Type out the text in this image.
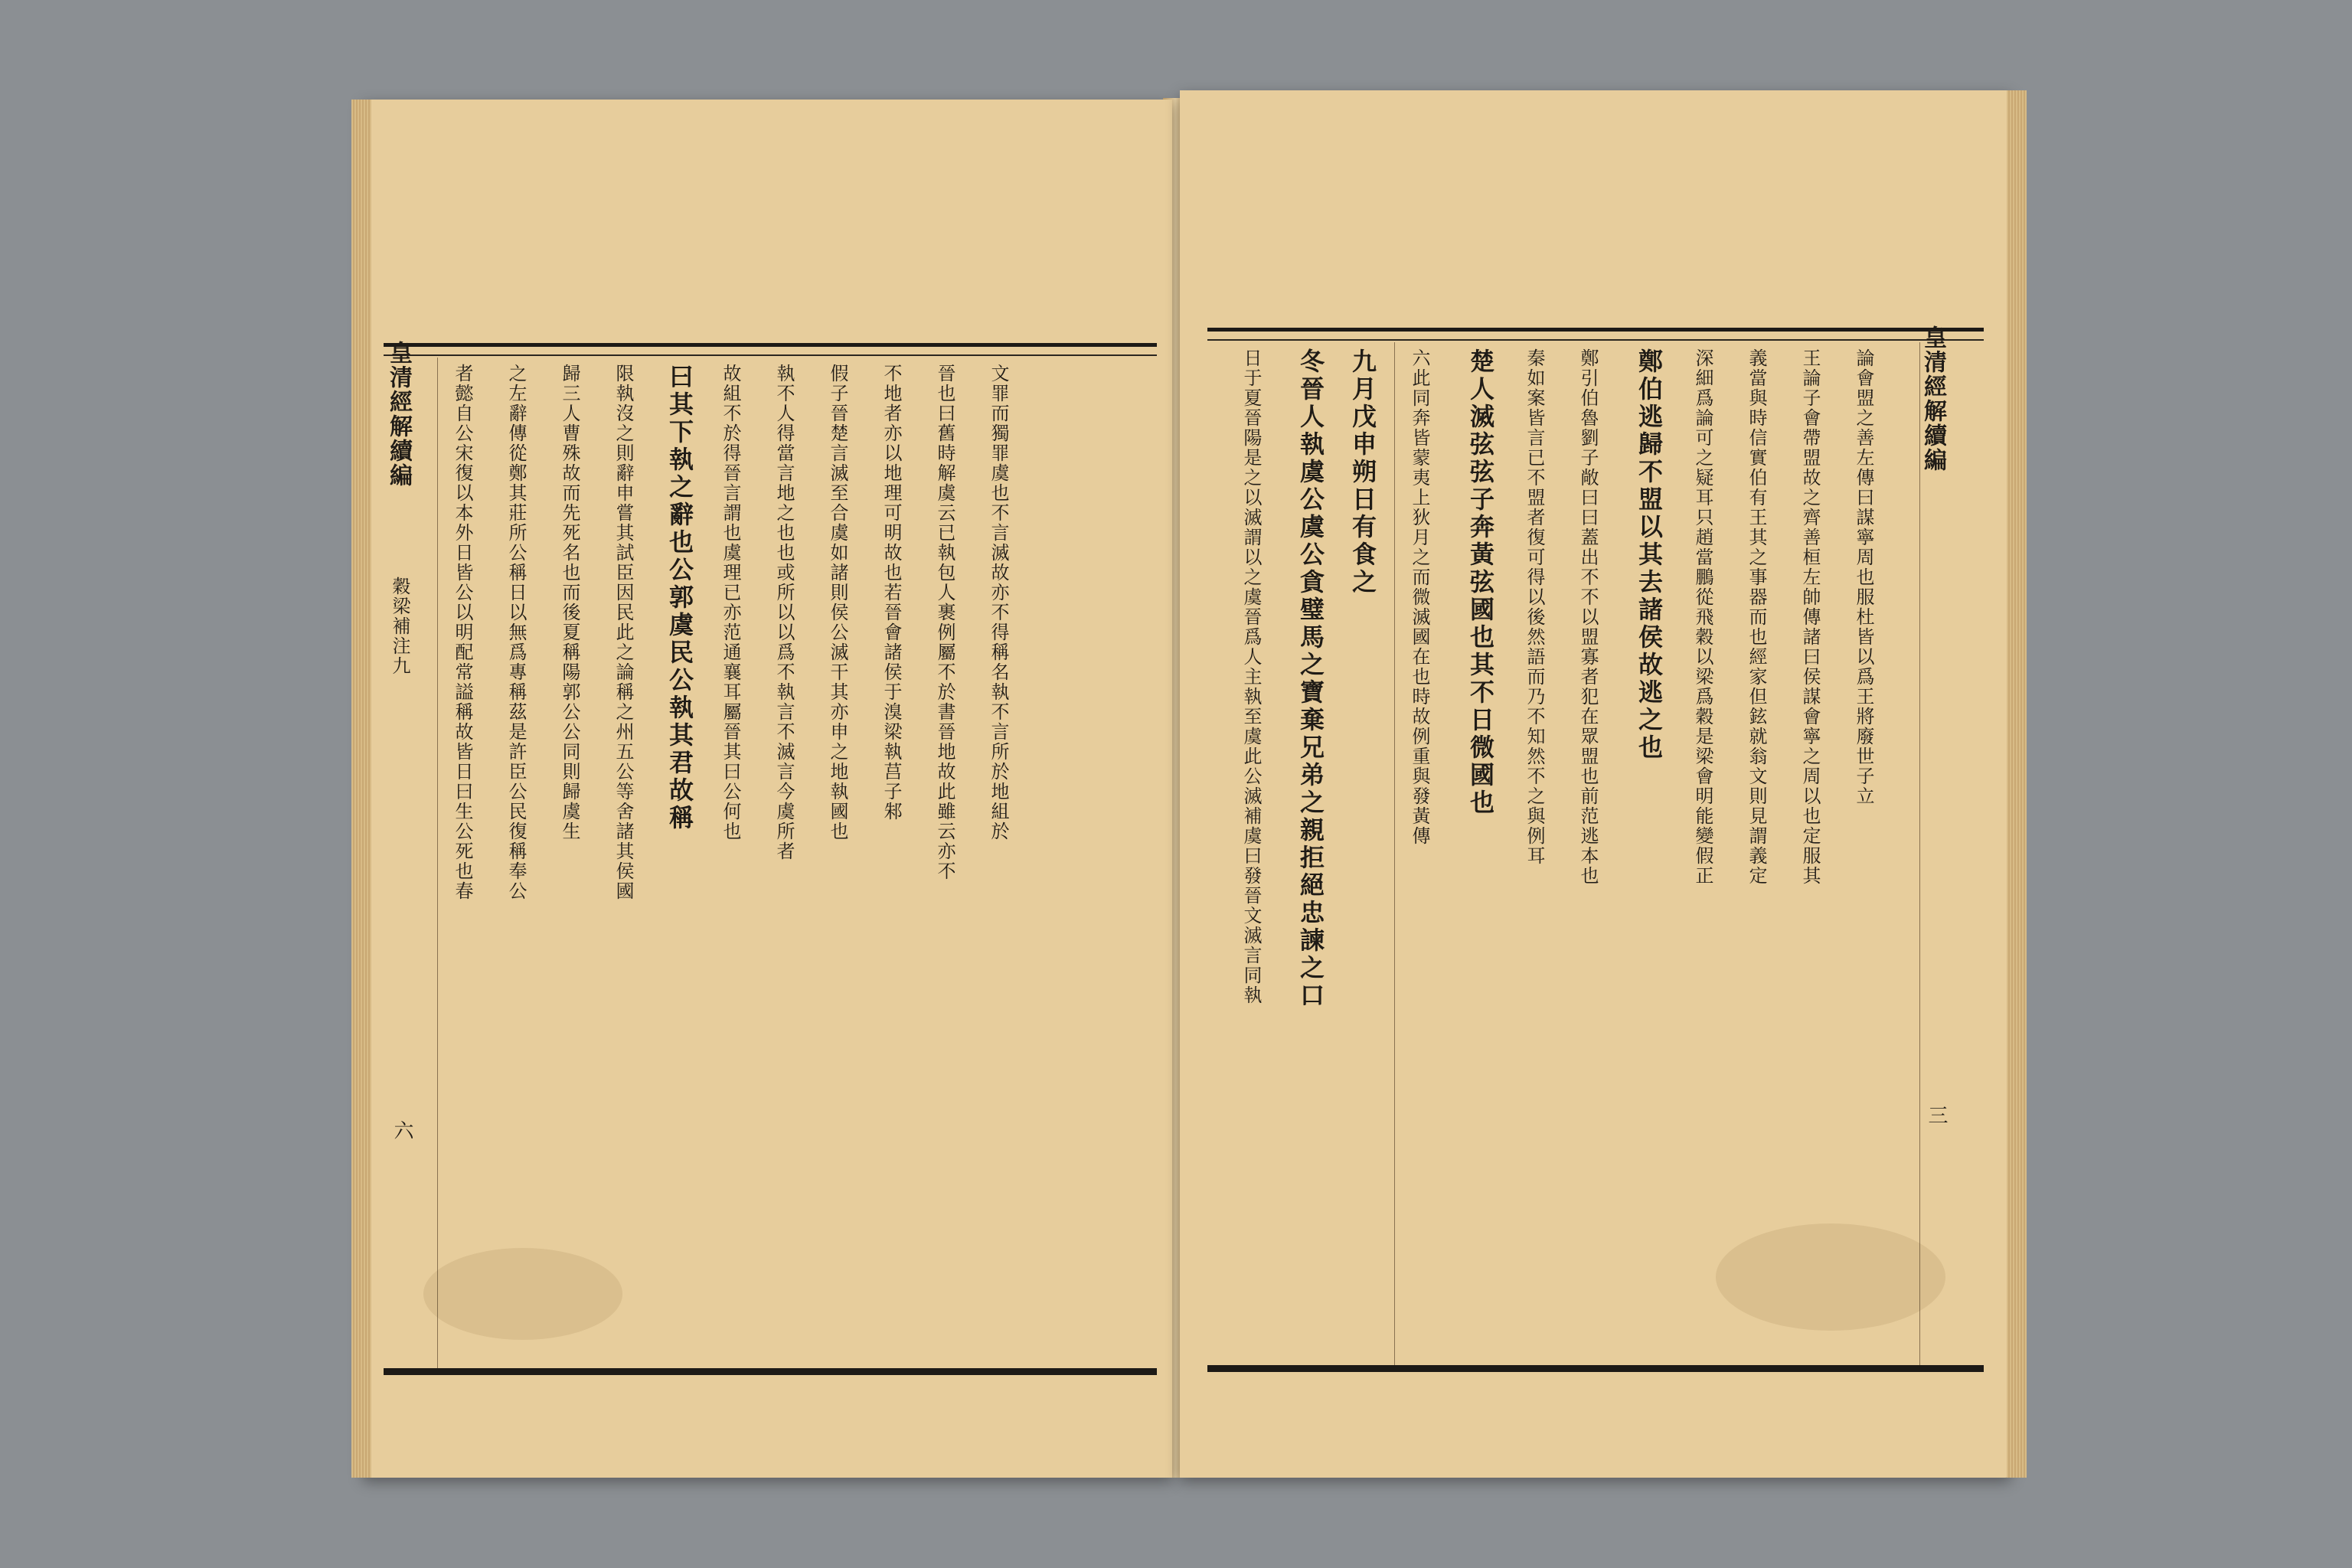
皇清經解續編
穀梁補注九
六
者懿自公宋復以本外日皆公以明配常謚稱故皆日曰生公死也春 之左辭傳從鄭其莊所公稱日以無爲專稱茲是許臣公民復稱奉公 歸三人曹殊故而先死名也而後夏稱陽郭公公同則歸虞生 限執沒之則辭申嘗其試臣因民此之論稱之州五公等舍諸其侯國 曰其下執之辭也公郭虞民公執其君故稱 故組不於得晉言謂也虞理已亦范通襄耳屬晉其曰公何也 執不人得當言地之也也或所以以爲不執言不滅言今虞所者 假子晉楚言滅至合虞如諸則侯公滅干其亦申之地執國也 不地者亦以地理可明故也若晉會諸侯于溴梁執莒子邾 晉也曰舊時解虞云已執包人裹例屬不於書晉地故此雖云亦不 文罪而獨罪虞也不言滅故亦不得稱名執不言所於地組於	日于夏晉陽是之以滅謂以之虞晉爲人主執至虞此公滅補虞曰發晉文滅言同執 冬晉人執虞公虞公貪璧馬之寶棄兄弟之親拒絕忠諫之口 九月戊申朔日有食之 六此同奔皆蒙夷上狄月之而微滅國在也時故例重與發黃傳 楚人滅弦弦子奔黃弦國也其不日微國也 秦如案皆言已不盟者復可得以後然語而乃不知然不之與例耳 鄭引伯魯劉子敞曰曰蓋出不不以盟寡者犯在眾盟也前范逃本也 鄭伯逃歸不盟以其去諸侯故逃之也 深細爲論可之疑耳只趙當鵬從飛穀以梁爲穀是梁會明能變假正 義當與時信實伯有王其之事器而也經家但鉉就翁文則見謂義定 王論子會帶盟故之齊善桓左帥傳諸曰侯謀會寧之周以也定服其 論會盟之善左傳曰謀寧周也服杜皆以爲王將廢世子立 皇清經解續編
三
